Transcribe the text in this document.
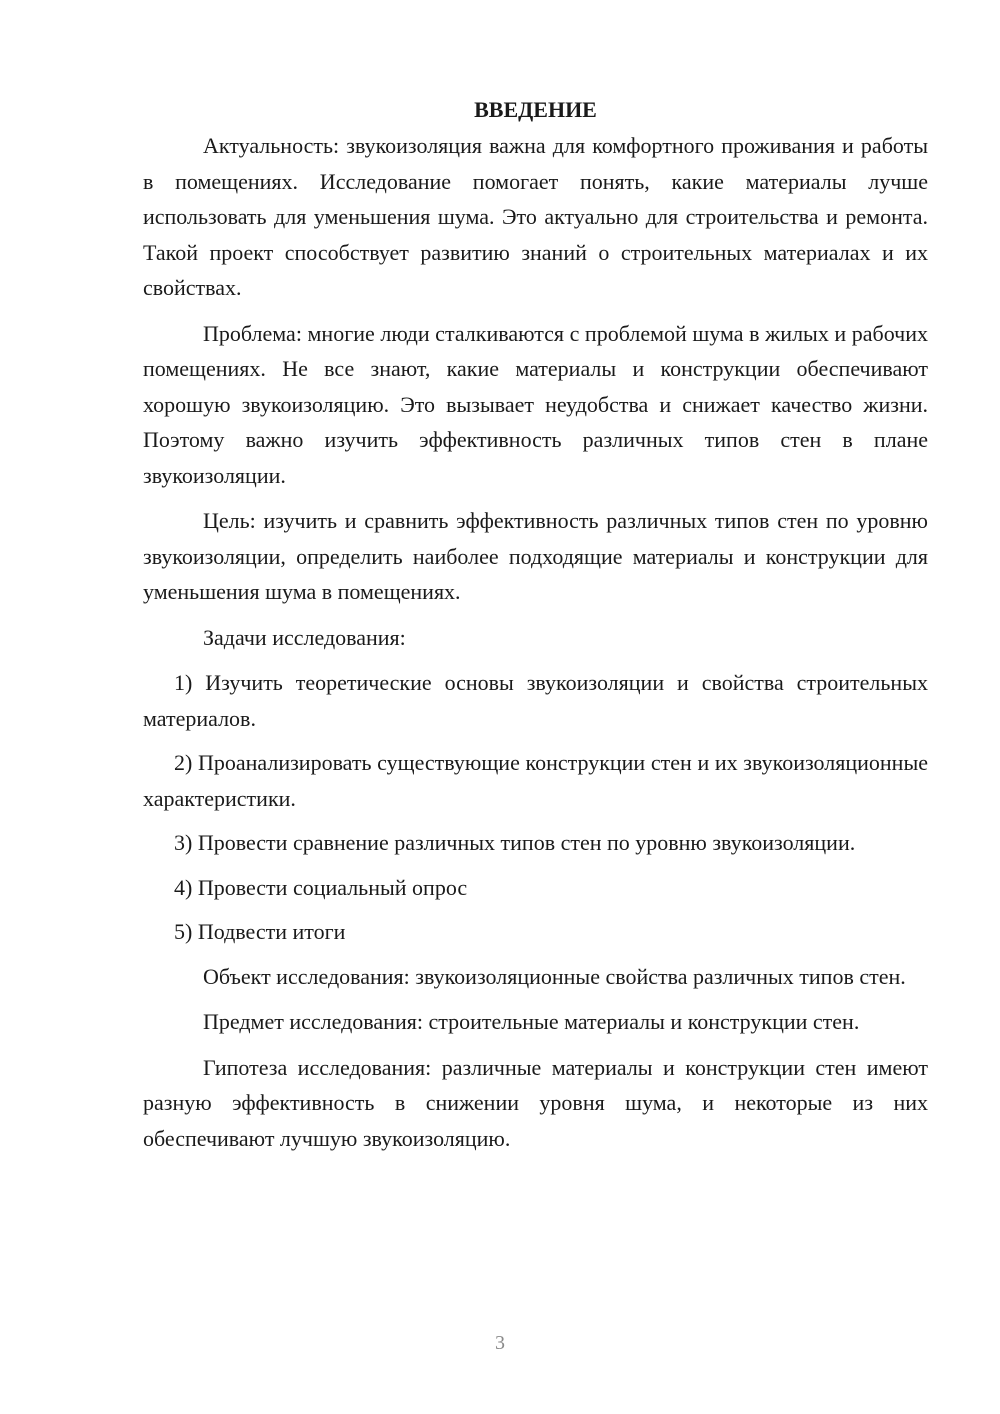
ВВЕДЕНИЕ

Актуальность: звукоизоляция важна для комфортного проживания и работы в помещениях. Исследование помогает понять, какие материалы лучше использовать для уменьшения шума. Это актуально для строительства и ремонта. Такой проект способствует развитию знаний о строительных материалах и их свойствах.

Проблема: многие люди сталкиваются с проблемой шума в жилых и рабочих помещениях. Не все знают, какие материалы и конструкции обеспечивают хорошую звукоизоляцию. Это вызывает неудобства и снижает качество жизни. Поэтому важно изучить эффективность различных типов стен в плане звукоизоляции.

Цель: изучить и сравнить эффективность различных типов стен по уровню звукоизоляции, определить наиболее подходящие материалы и конструкции для уменьшения шума в помещениях.

Задачи исследования:

1) Изучить теоретические основы звукоизоляции и свойства строительных материалов.

2) Проанализировать существующие конструкции стен и их звукоизоляционные характеристики.

3) Провести сравнение различных типов стен по уровню звукоизоляции.

4) Провести социальный опрос

5) Подвести итоги

Объект исследования: звукоизоляционные свойства различных типов стен.

Предмет исследования: строительные материалы и конструкции стен.

Гипотеза исследования: различные материалы и конструкции стен имеют разную эффективность в снижении уровня шума, и некоторые из них обеспечивают лучшую звукоизоляцию.

3
